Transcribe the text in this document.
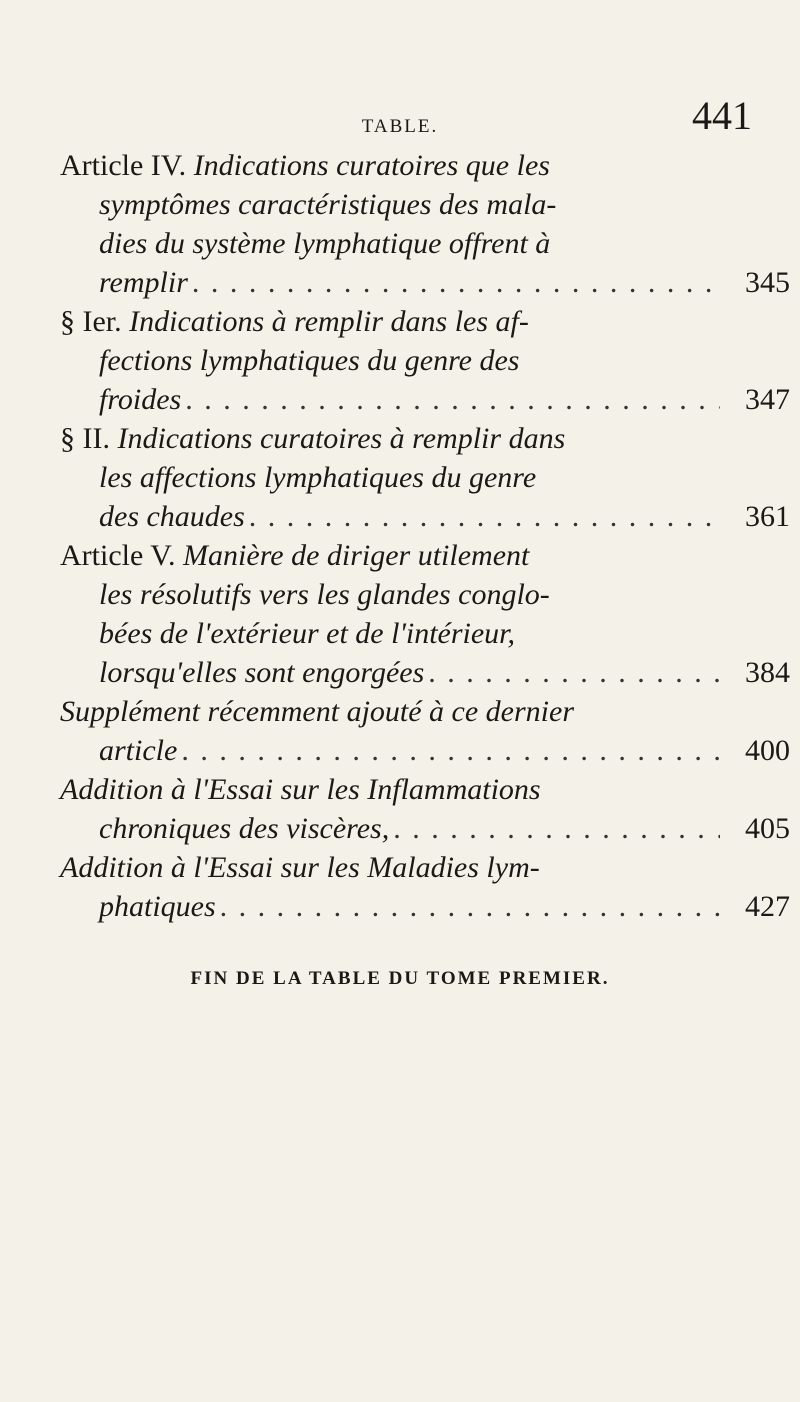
TABLE.	441
Article IV. Indications curatoires que les
symptômes caractéristiques des mala-
dies du système lymphatique offrent à
remplir . . .	345
§ Ier. Indications à remplir dans les af-
fections lymphatiques du genre des
froides . . .	347
§ II. Indications curatoires à remplir dans
les affections lymphatiques du genre
des chaudes . . .	361
Article V. Manière de diriger utilement
les résolutifs vers les glandes conglo-
bées de l'extérieur et de l'intérieur,
lorsqu'elles sont engorgées . . .	384
Supplément récemment ajouté à ce dernier
article . . .	400
Addition à l'Essai sur les Inflammations
chroniques des viscères, . . .	405
Addition à l'Essai sur les Maladies lym-
phatiques . . .	427
FIN DE LA TABLE DU TOME PREMIER.
